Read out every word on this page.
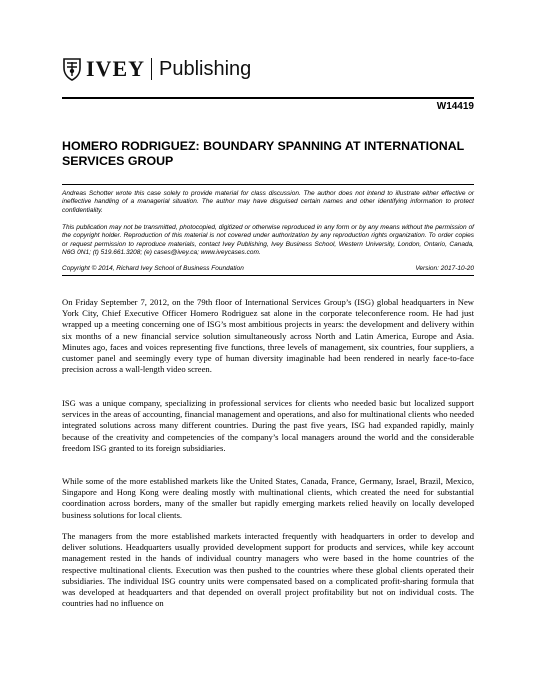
IVEY Publishing
W14419
HOMERO RODRIGUEZ: BOUNDARY SPANNING AT INTERNATIONAL SERVICES GROUP
Andreas Schotter wrote this case solely to provide material for class discussion. The author does not intend to illustrate either effective or ineffective handling of a managerial situation. The author may have disguised certain names and other identifying information to protect confidentiality.
This publication may not be transmitted, photocopied, digitized or otherwise reproduced in any form or by any means without the permission of the copyright holder. Reproduction of this material is not covered under authorization by any reproduction rights organization. To order copies or request permission to reproduce materials, contact Ivey Publishing, Ivey Business School, Western University, London, Ontario, Canada, N6G 0N1; (t) 519.661.3208; (e) cases@ivey.ca; www.iveycases.com.
Copyright © 2014, Richard Ivey School of Business Foundation	Version: 2017-10-20

On Friday September 7, 2012, on the 79th floor of International Services Group’s (ISG) global headquarters in New York City, Chief Executive Officer Homero Rodriguez sat alone in the corporate teleconference room. He had just wrapped up a meeting concerning one of ISG’s most ambitious projects in years: the development and delivery within six months of a new financial service solution simultaneously across North and Latin America, Europe and Asia. Minutes ago, faces and voices representing five functions, three levels of management, six countries, four suppliers, a customer panel and seemingly every type of human diversity imaginable had been rendered in nearly face-to-face precision across a wall-length video screen.

ISG was a unique company, specializing in professional services for clients who needed basic but localized support services in the areas of accounting, financial management and operations, and also for multinational clients who needed integrated solutions across many different countries. During the past five years, ISG had expanded rapidly, mainly because of the creativity and competencies of the company’s local managers around the world and the considerable freedom ISG granted to its foreign subsidiaries.

While some of the more established markets like the United States, Canada, France, Germany, Israel, Brazil, Mexico, Singapore and Hong Kong were dealing mostly with multinational clients, which created the need for substantial coordination across borders, many of the smaller but rapidly emerging markets relied heavily on locally developed business solutions for local clients.

The managers from the more established markets interacted frequently with headquarters in order to develop and deliver solutions. Headquarters usually provided development support for products and services, while key account management rested in the hands of individual country managers who were based in the home countries of the respective multinational clients. Execution was then pushed to the countries where these global clients operated their subsidiaries. The individual ISG country units were compensated based on a complicated profit-sharing formula that was developed at headquarters and that depended on overall project profitability but not on individual costs. The countries had no influence on
